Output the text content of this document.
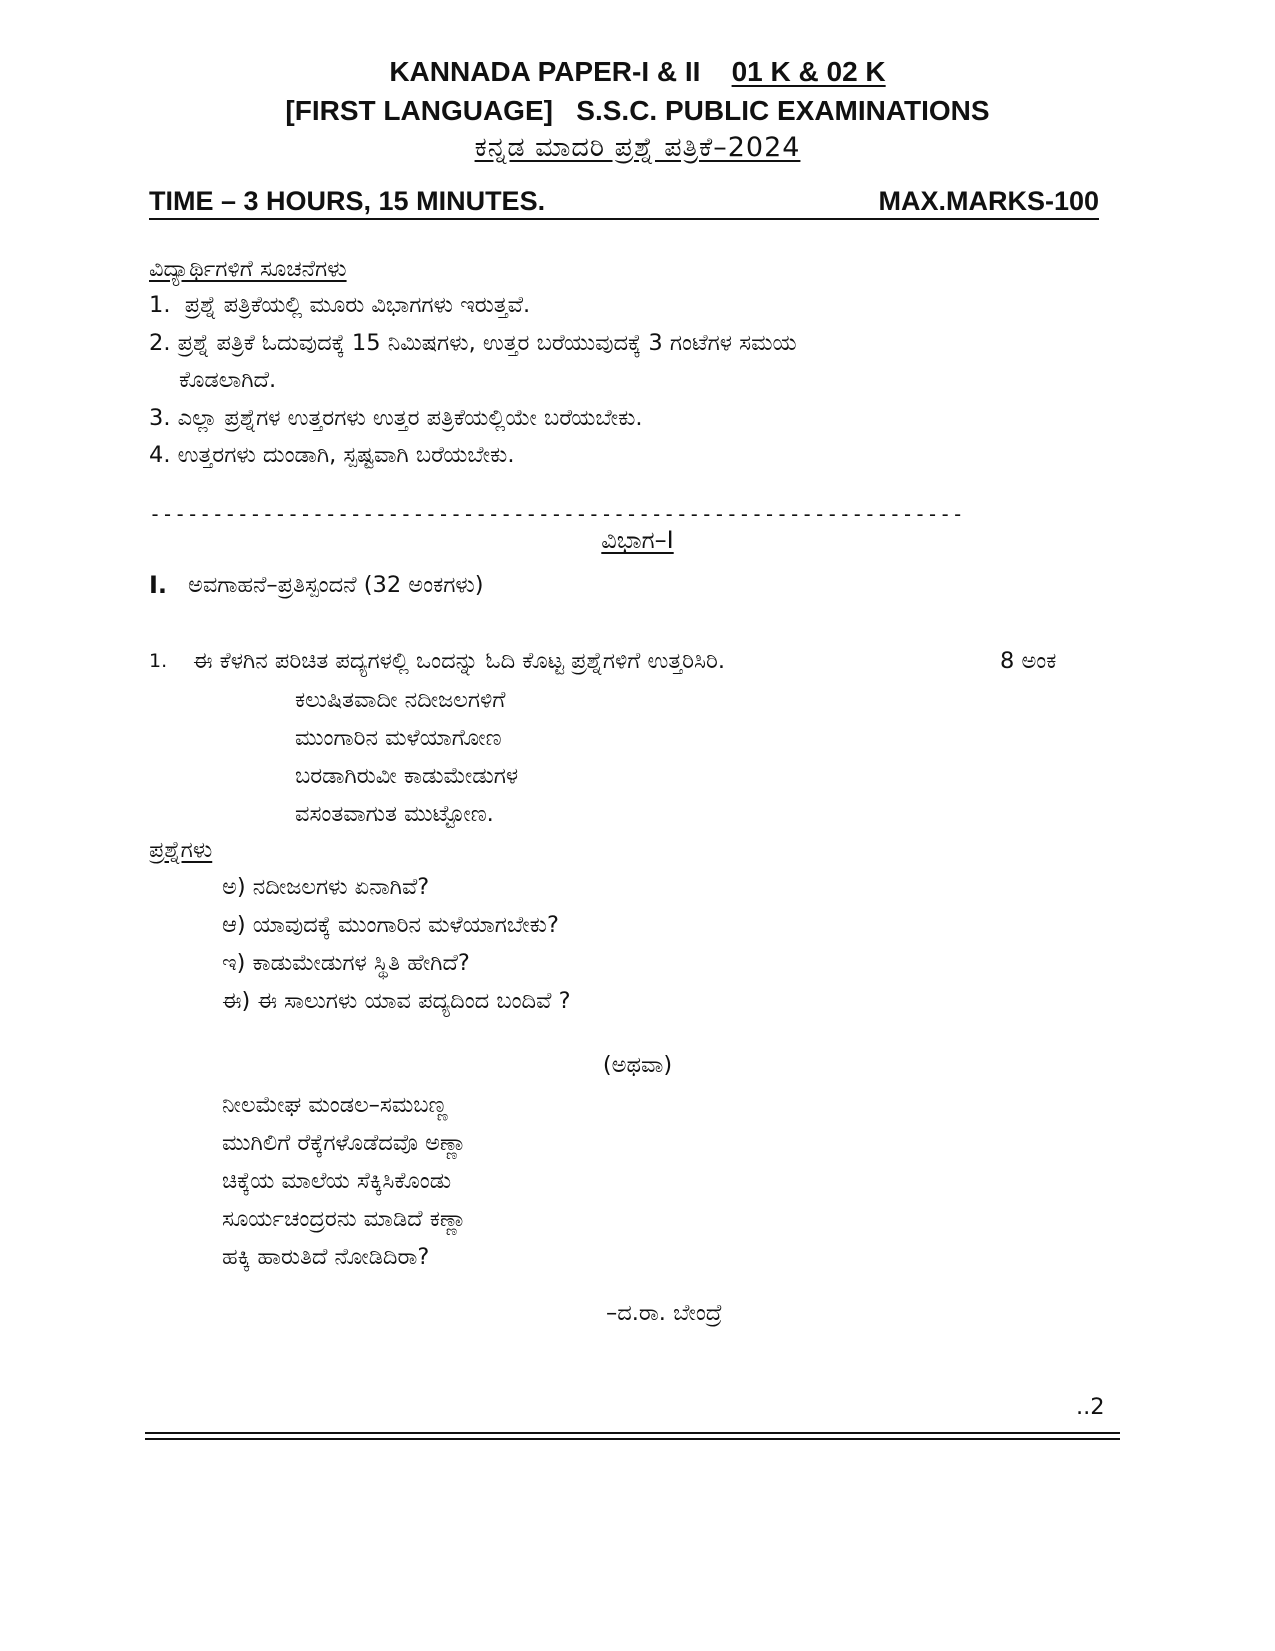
KANNADA PAPER-I & II 01 K & 02 K
[FIRST LANGUAGE]   S.S.C. PUBLIC EXAMINATIONS
ಕನ್ನಡ ಮಾದರಿ ಪ್ರಶ್ನೆ ಪತ್ರಿಕೆ–2024
TIME – 3 HOURS, 15 MINUTES.	MAX.MARKS-100
ವಿದ್ಯಾರ್ಥಿಗಳಿಗೆ ಸೂಚನೆಗಳು
1.  ಪ್ರಶ್ನೆ ಪತ್ರಿಕೆಯಲ್ಲಿ ಮೂರು ವಿಭಾಗಗಳು ಇರುತ್ತವೆ.
2. ಪ್ರಶ್ನೆ ಪತ್ರಿಕೆ ಓದುವುದಕ್ಕೆ 15 ನಿಮಿಷಗಳು, ಉತ್ತರ ಬರೆಯುವುದಕ್ಕೆ 3 ಗಂಟೆಗಳ ಸಮಯ
ಕೊಡಲಾಗಿದೆ.
3. ಎಲ್ಲಾ ಪ್ರಶ್ನೆಗಳ ಉತ್ತರಗಳು ಉತ್ತರ ಪತ್ರಿಕೆಯಲ್ಲಿಯೇ ಬರೆಯಬೇಕು.
4. ಉತ್ತರಗಳು ದುಂಡಾಗಿ, ಸ್ಪಷ್ಟವಾಗಿ ಬರೆಯಬೇಕು.
-----------------------------------------------------------------
ವಿಭಾಗ–I
I. ಅವಗಾಹನೆ–ಪ್ರತಿಸ್ಪಂದನೆ (32 ಅಂಕಗಳು)
1. ಈ ಕೆಳಗಿನ ಪರಿಚಿತ ಪದ್ಯಗಳಲ್ಲಿ ಒಂದನ್ನು ಓದಿ ಕೊಟ್ಟ ಪ್ರಶ್ನೆಗಳಿಗೆ ಉತ್ತರಿಸಿರಿ.	8 ಅಂಕ
ಕಲುಷಿತವಾದೀ ನದೀಜಲಗಳಿಗೆ
ಮುಂಗಾರಿನ ಮಳೆಯಾಗೋಣ
ಬರಡಾಗಿರುವೀ ಕಾಡುಮೇಡುಗಳ
ವಸಂತವಾಗುತ ಮುಟ್ಟೋಣ.
ಪ್ರಶ್ನೆಗಳು
ಅ) ನದೀಜಲಗಳು ಏನಾಗಿವೆ?
ಆ) ಯಾವುದಕ್ಕೆ ಮುಂಗಾರಿನ ಮಳೆಯಾಗಬೇಕು?
ಇ) ಕಾಡುಮೇಡುಗಳ ಸ್ಥಿತಿ ಹೇಗಿದೆ?
ಈ) ಈ ಸಾಲುಗಳು ಯಾವ ಪದ್ಯದಿಂದ ಬಂದಿವೆ ?
(ಅಥವಾ)
ನೀಲಮೇಘ ಮಂಡಲ–ಸಮಬಣ್ಣ
ಮುಗಿಲಿಗೆ ರೆಕ್ಕೆಗಳೊಡೆದವೊ ಅಣ್ಣಾ
ಚಿಕ್ಕೆಯ ಮಾಲೆಯ ಸೆಕ್ಕಿಸಿಕೊಂಡು
ಸೂರ್ಯಚಂದ್ರರನು ಮಾಡಿದೆ ಕಣ್ಣಾ
ಹಕ್ಕಿ ಹಾರುತಿದೆ ನೋಡಿದಿರಾ?
–ದ.ರಾ. ಬೇಂದ್ರೆ
..2
